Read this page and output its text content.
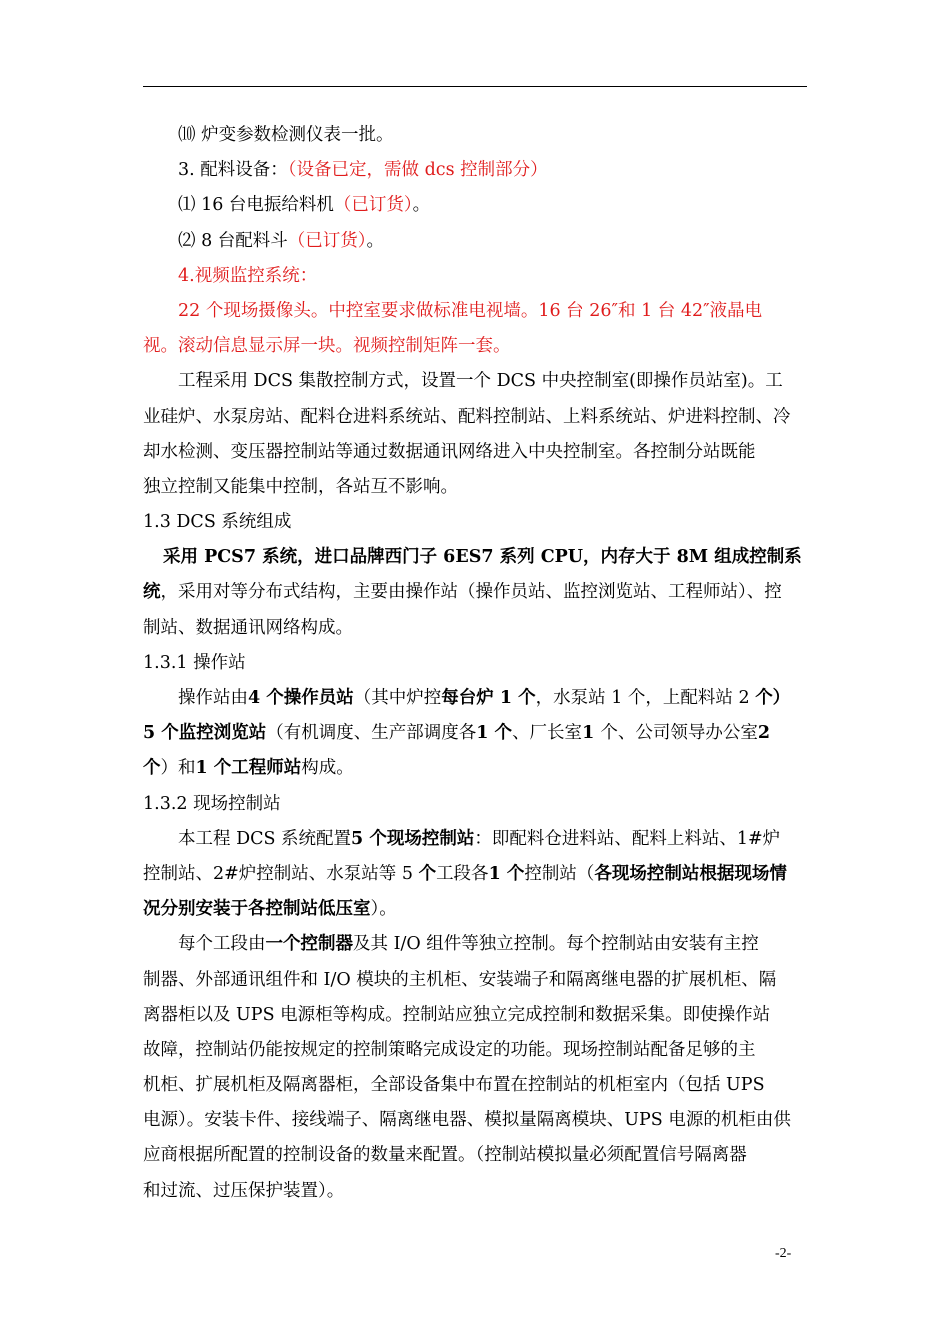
⑽ 炉变参数检测仪表一批。
3. 配料设备：（设备已定，需做 dcs 控制部分）
⑴ 16 台电振给料机（已订货）。
⑵ 8 台配料斗（已订货）。
4.视频监控系统：
22 个现场摄像头。中控室要求做标准电视墙。16 台 26″和 1 台 42″液晶电
视。滚动信息显示屏一块。视频控制矩阵一套。
工程采用 DCS 集散控制方式，设置一个 DCS 中央控制室(即操作员站室)。工
业硅炉、水泵房站、配料仓进料系统站、配料控制站、上料系统站、炉进料控制、冷
却水检测、变压器控制站等通过数据通讯网络进入中央控制室。各控制分站既能
独立控制又能集中控制，各站互不影响。
1.3 DCS 系统组成
采用 PCS7 系统，进口品牌西门子 6ES7 系列 CPU，内存大于 8M 组成控制系
统，采用对等分布式结构，主要由操作站（操作员站、监控浏览站、工程师站）、控
制站、数据通讯网络构成。
1.3.1 操作站
操作站由4 个操作员站（其中炉控每台炉 1 个，水泵站 1 个，上配料站 2 个）
5 个监控浏览站（有机调度、生产部调度各1 个、厂长室1 个、公司领导办公室2
个）和1 个工程师站构成。
1.3.2 现场控制站
本工程 DCS 系统配置5 个现场控制站：即配料仓进料站、配料上料站、1#炉
控制站、2#炉控制站、水泵站等 5 个工段各1 个控制站（各现场控制站根据现场情
况分别安装于各控制站低压室）。
每个工段由一个控制器及其 I/O 组件等独立控制。每个控制站由安装有主控
制器、外部通讯组件和 I/O 模块的主机柜、安装端子和隔离继电器的扩展机柜、隔
离器柜以及 UPS 电源柜等构成。控制站应独立完成控制和数据采集。即使操作站
故障，控制站仍能按规定的控制策略完成设定的功能。现场控制站配备足够的主
机柜、扩展机柜及隔离器柜，全部设备集中布置在控制站的机柜室内（包括 UPS
电源）。安装卡件、接线端子、隔离继电器、模拟量隔离模块、UPS 电源的机柜由供
应商根据所配置的控制设备的数量来配置。（控制站模拟量必须配置信号隔离器
和过流、过压保护装置）。
-2-
